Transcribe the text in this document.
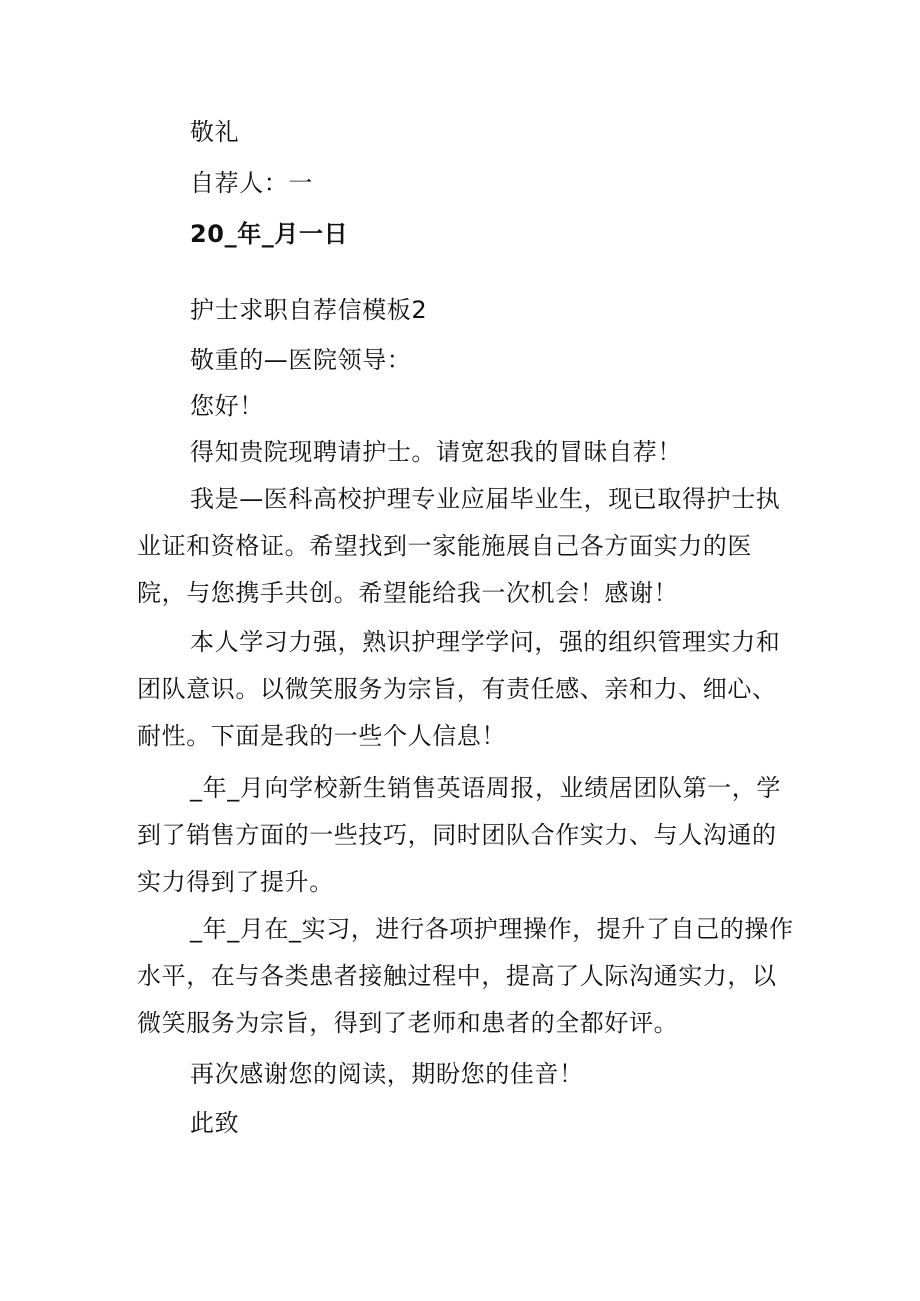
敬礼
自荐人：一
20_年_月一日
护士求职自荐信模板2
敬重的—医院领导：
您好！
得知贵院现聘请护士。请宽恕我的冒昧自荐！
我是—医科高校护理专业应届毕业生，现已取得护士执业证和资格证。希望找到一家能施展自己各方面实力的医院，与您携手共创。希望能给我一次机会！感谢！
本人学习力强，熟识护理学学问，强的组织管理实力和团队意识。以微笑服务为宗旨，有责任感、亲和力、细心、耐性。下面是我的一些个人信息！
_年_月向学校新生销售英语周报，业绩居团队第一，学到了销售方面的一些技巧，同时团队合作实力、与人沟通的实力得到了提升。
_年_月在_实习，进行各项护理操作，提升了自己的操作水平，在与各类患者接触过程中，提高了人际沟通实力，以微笑服务为宗旨，得到了老师和患者的全都好评。
再次感谢您的阅读，期盼您的佳音！
此致
